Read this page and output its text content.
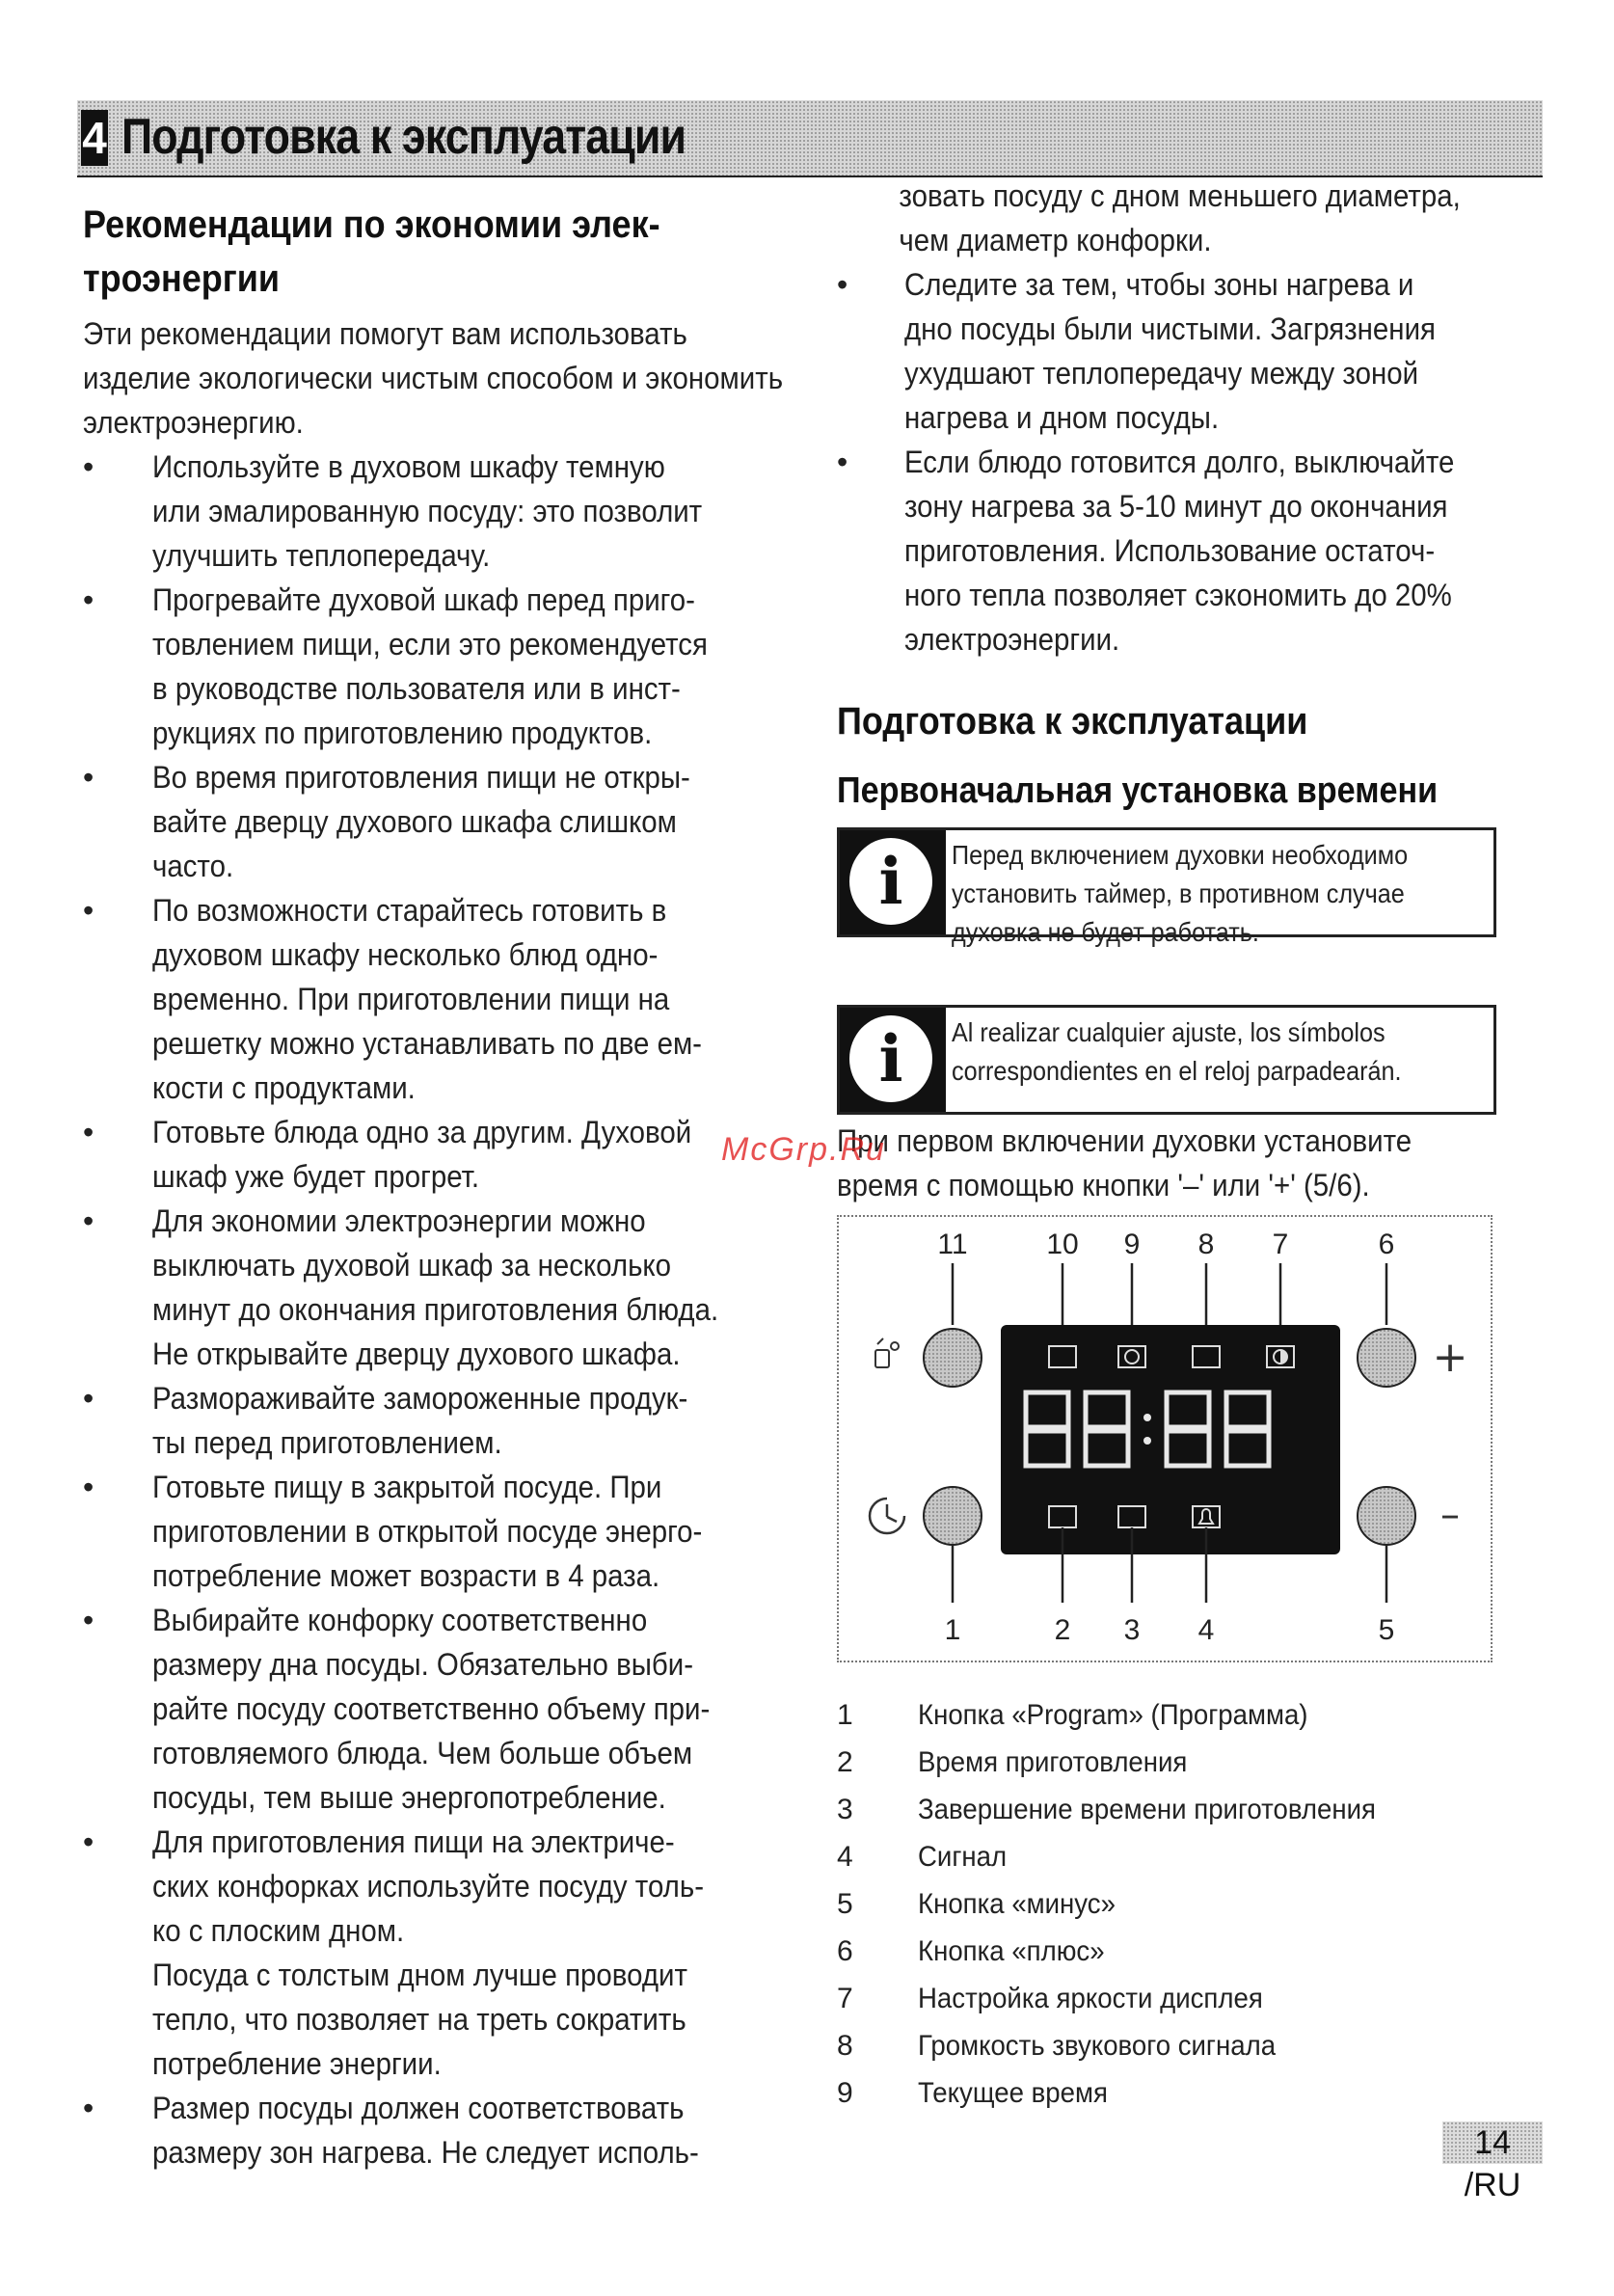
4 Подготовка к эксплуатации
Рекомендации по экономии элек-
троэнергии

Эти рекомендации помогут вам использовать изделие экологически чистым способом и экономить электроэнергию.

• Используйте в духовом шкафу темную
или эмалированную посуду: это позволит
улучшить теплопередачу.
• Прогревайте духовой шкаф перед приго-
товлением пищи, если это рекомендуется
в руководстве пользователя или в инст-
рукциях по приготовлению продуктов.
• Во время приготовления пищи не откры-
вайте дверцу духового шкафа слишком
часто.
• По возможности старайтесь готовить в
духовом шкафу несколько блюд одно-
временно. При приготовлении пищи на
решетку можно устанавливать по две ем-
кости с продуктами.
• Готовьте блюда одно за другим. Духовой
шкаф уже будет прогрет.
• Для экономии электроэнергии можно
выключать духовой шкаф за несколько
минут до окончания приготовления блюда.
Не открывайте дверцу духового шкафа.
• Размораживайте замороженные продук-
ты перед приготовлением.
• Готовьте пищу в закрытой посуде. При
приготовлении в открытой посуде энерго-
потребление может возрасти в 4 раза.
• Выбирайте конфорку соответственно
размеру дна посуды. Обязательно выби-
райте посуду соответственно объему при-
готовляемого блюда. Чем больше объем
посуды, тем выше энергопотребление.
• Для приготовления пищи на электриче-
ских конфорках используйте посуду толь-
ко с плоским дном.
Посуда с толстым дном лучше проводит
тепло, что позволяет на треть сократить
потребление энергии.
• Размер посуды должен соответствовать
размеру зон нагрева. Не следует исполь-
зовать посуду с дном меньшего диаметра,
чем диаметр конфорки.
• Следите за тем, чтобы зоны нагрева и
дно посуды были чистыми. Загрязнения
ухудшают теплопередачу между зоной
нагрева и дном посуды.
• Если блюдо готовится долго, выключайте
зону нагрева за 5-10 минут до окончания
приготовления. Использование остаточ-
ного тепла позволяет сэкономить до 20%
электроэнергии.
Подготовка к эксплуатации
Первоначальная установка времени
i	Перед включением духовки необходимо
установить таймер, в противном случае
духовка не будет работать.
i	Al realizar cualquier ajuste, los símbolos
correspondientes en el reloj parpadearán.
При первом включении духовки установите
время с помощью кнопки '–' или '+' (5/6).
11	10 9 8 7	6
+
–
1	2 3 4	5
1	Кнопка «Program» (Программа)
2	Время приготовления
3	Завершение времени приготовления
4	Сигнал
5	Кнопка «минус»
6	Кнопка «плюс»
7	Настройка яркости дисплея
8	Громкость звукового сигнала
9	Текущее время
McGrp.Ru
14 /RU
